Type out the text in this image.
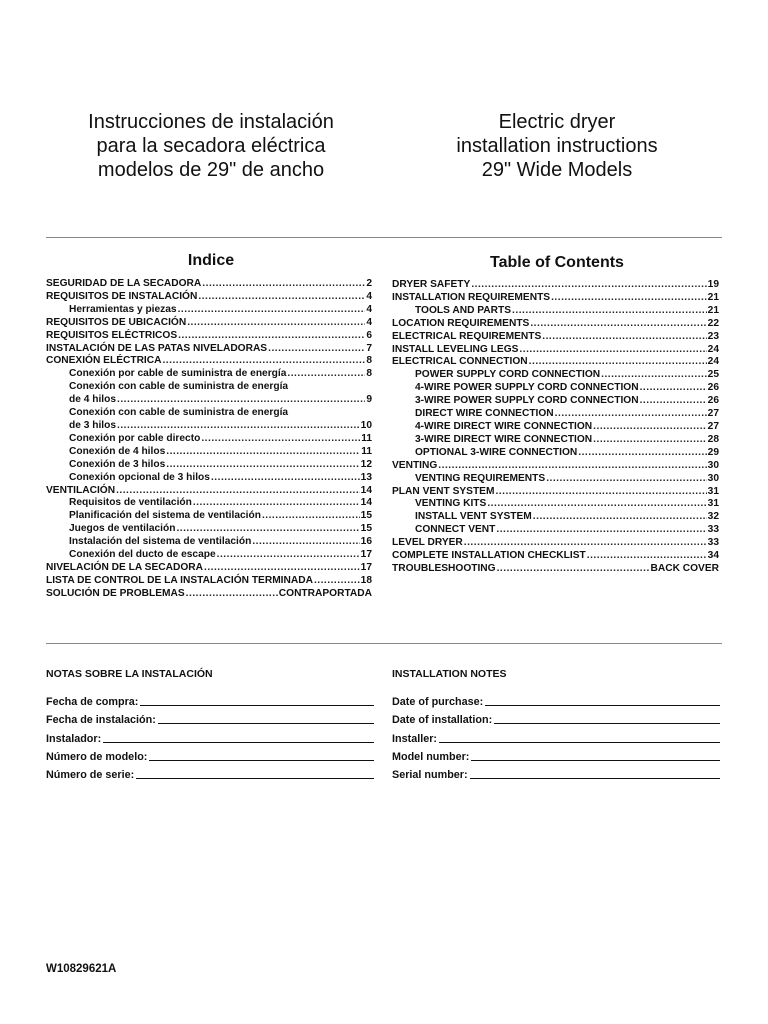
Instrucciones de instalación
para la secadora eléctrica
modelos de 29" de ancho
Electric dryer
installation instructions
29" Wide Models
Indice	Table of Contents
SEGURIDAD DE LA SECADORA .....	2
REQUISITOS DE INSTALACIÓN .....	4
Herramientas y piezas .....	4
REQUISITOS DE UBICACIÓN .....	4
REQUISITOS ELÉCTRICOS .....	6
INSTALACIÓN DE LAS PATAS NIVELADORAS .....	7
CONEXIÓN ELÉCTRICA .....	8
Conexión por cable de suministra de energía .....	8
Conexión con cable de suministra de energía
de 4 hilos .....	9
Conexión con cable de suministra de energía
de 3 hilos .....	10
Conexión por cable directo .....	11
Conexión de 4 hilos .....	11
Conexión de 3 hilos .....	12
Conexión opcional de 3 hilos .....	13
VENTILACIÓN .....	14
Requisitos de ventilación .....	14
Planificación del sistema de ventilación .....	15
Juegos de ventilación .....	15
Instalación del sistema de ventilación .....	16
Conexión del ducto de escape .....	17
NIVELACIÓN DE LA SECADORA .....	17
LISTA DE CONTROL DE LA INSTALACIÓN TERMINADA .....	18
SOLUCIÓN DE PROBLEMAS .....	CONTRAPORTADA
DRYER SAFETY .....	19
INSTALLATION REQUIREMENTS .....	21
TOOLS AND PARTS .....	21
LOCATION REQUIREMENTS .....	22
ELECTRICAL REQUIREMENTS .....	23
INSTALL LEVELING LEGS .....	24
ELECTRICAL CONNECTION .....	24
POWER SUPPLY CORD CONNECTION .....	25
4-WIRE POWER SUPPLY CORD CONNECTION .....	26
3-WIRE POWER SUPPLY CORD CONNECTION .....	26
DIRECT WIRE CONNECTION .....	27
4-WIRE DIRECT WIRE CONNECTION .....	27
3-WIRE DIRECT WIRE CONNECTION .....	28
OPTIONAL 3-WIRE CONNECTION .....	29
VENTING .....	30
VENTING REQUIREMENTS .....	30
PLAN VENT SYSTEM .....	31
VENTING KITS .....	31
INSTALL VENT SYSTEM .....	32
CONNECT VENT .....	33
LEVEL DRYER .....	33
COMPLETE INSTALLATION CHECKLIST .....	34
TROUBLESHOOTING .....	BACK COVER
NOTAS SOBRE LA INSTALACIÓN	INSTALLATION NOTES
Fecha de compra:
Fecha de instalación:
Instalador:
Número de modelo:
Número de serie:
Date of purchase:
Date of installation:
Installer:
Model number:
Serial number:
W10829621A
